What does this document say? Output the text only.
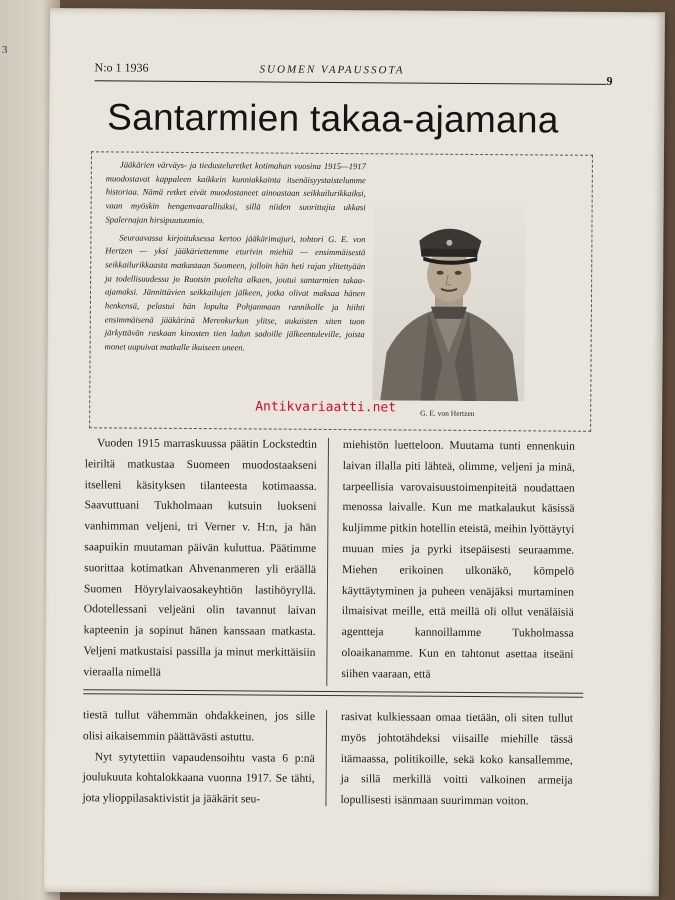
3
N:o 1 1936	SUOMEN VAPAUSSOTA
9
Santarmien takaa-ajamana

Jääkärien värväys- ja tiedusteluretket kotimahan vuosina 1915—1917 muodostavat kappaleen kaikkein kunniakkainta itsenäisyystaistelumme historiaa. Nämä retket eivät muodostaneet ainoastaan seikkailurikkaiksi, vaan myöskin hengenvaarallisiksi, sillä niiden suorittajia ukkasi Spalernajan hirsipuutuomio.

Seuraavassa kirjoituksessa kertoo jääkärimajuri, tohtori G. E. von Hertzen — yksi jääkäriettemme eturivin miehiä — ensimmäisestä seikkailurikkaasta matkastaan Suomeen, jolloin hän heti rajan ylitettyään ja todellisuudessa jo Ruotsin puolelta alkaen, joutui santarmien takaa-ajamaksi. Jännittävien seikkailujen jälkeen, jotka olivat maksaa hänen henkensä, pelastui hän lopulta Pohjanmaan rannikolle ja hiihti ensimmäisenä jääkärinä Merenkurkun ylitse, aukaisten siten tuon järkyttävän raskaan kinosten tien ladun sadoille jälkeentuleville, joista monet uupuivat matkalle ikuiseen uneen.

G. E. von Hertzen
Antikvariaatti.net

Vuoden 1915 marraskuussa päätin Lockstedtin leiriltä matkustaa Suomeen muodostaakseni itselleni käsityksen tilanteesta kotimaassa. Saavuttuani Tukholmaan kutsuin luokseni vanhimman veljeni, tri Verner v. H:n, ja hän saapuikin muutaman päivän kuluttua. Päätimme suorittaa kotimatkan Ahvenanmeren yli eräällä Suomen Höyrylaivaosakeyhtiön lastihöyryllä. Odotellessani veljeäni olin tavannut laivan kapteenin ja sopinut hänen kanssaan matkasta. Veljeni matkustaisi passilla ja minut merkittäisiin vieraalla nimellä

miehistön luetteloon. Muutama tunti ennenkuin laivan illalla piti lähteä, olimme, veljeni ja minä, tarpeellisia varovaisuustoimenpiteitä noudattaen menossa laivalle. Kun me matkalaukut käsissä kuljimme pitkin hotellin eteistä, meihin lyöttäytyi muuan mies ja pyrki itsepäisesti seuraamme. Miehen erikoinen ulkonäkö, kömpelö käyttäytyminen ja puheen venäjäksi murtaminen ilmaisivat meille, että meillä oli ollut venäläisiä agentteja kannoillamme Tukholmassa oloaikanamme. Kun en tahtonut asettaa itseäni siihen vaaraan, että

tiestä tullut vähemmän ohdakkeinen, jos sille olisi aikaisemmin päättävästi astuttu.

Nyt sytytettiin vapaudensoihtu vasta 6 p:nä joulukuuta kohtalokkaana vuonna 1917. Se tähti, jota ylioppilasaktivistit ja jääkärit seu-

rasivat kulkiessaan omaa tietään, oli siten tullut myös johtotähdeksi viisaille miehille tässä itämaassa, politikoille, sekä koko kansallemme, ja sillä merkillä voitti valkoinen armeija lopullisesti isänmaan suurimman voiton.
